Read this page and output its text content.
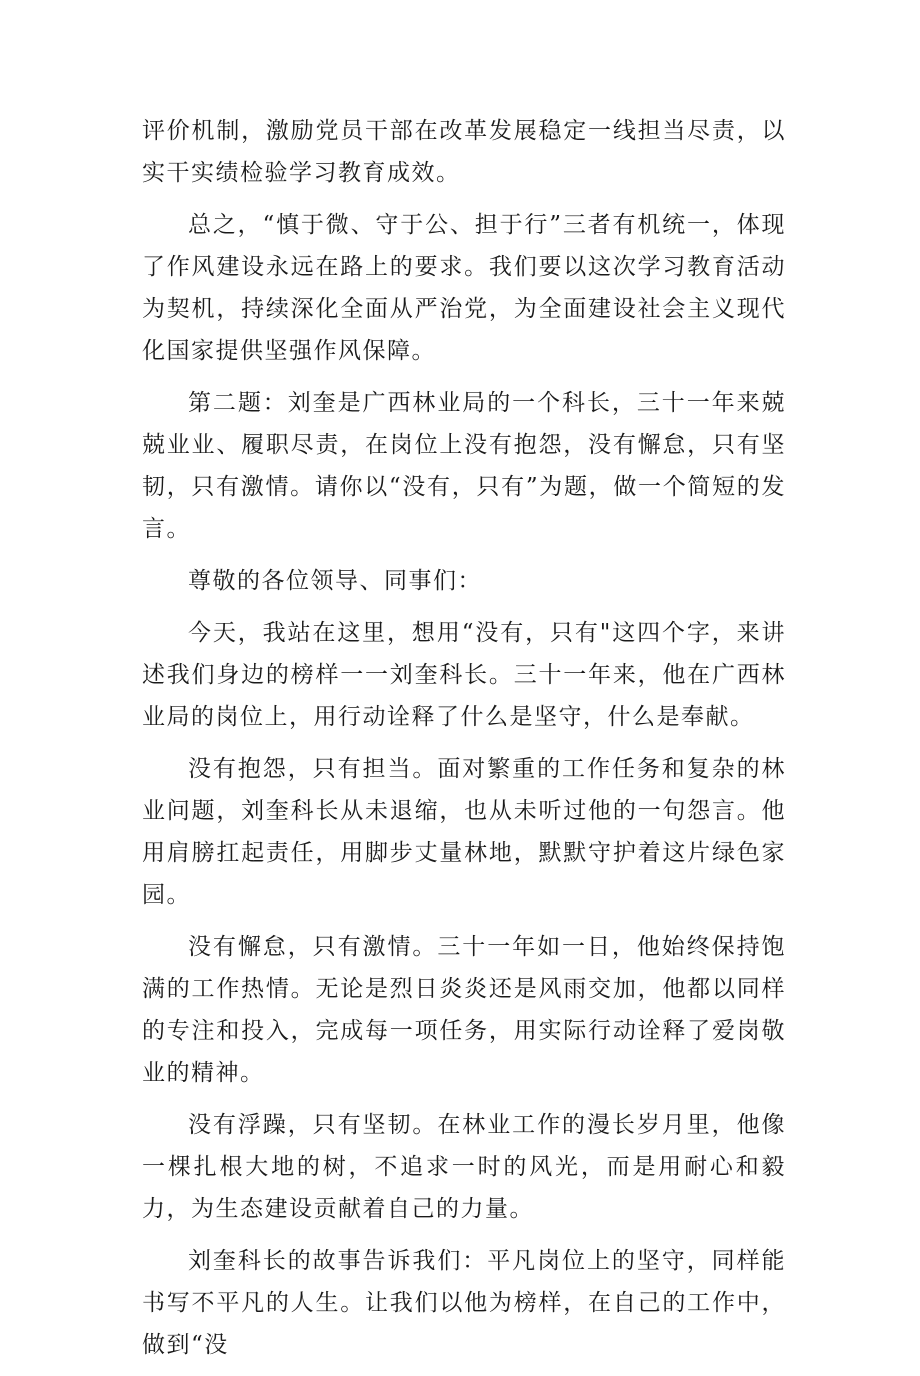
评价机制，激励党员干部在改革发展稳定一线担当尽责，以实干实绩检验学习教育成效。

总之，“慎于微、守于公、担于行”三者有机统一，体现了作风建设永远在路上的要求。我们要以这次学习教育活动为契机，持续深化全面从严治党，为全面建设社会主义现代化国家提供坚强作风保障。

第二题：刘奎是广西林业局的一个科长，三十一年来兢兢业业、履职尽责，在岗位上没有抱怨，没有懈怠，只有坚韧，只有激情。请你以“没有，只有”为题，做一个简短的发言。

尊敬的各位领导、同事们：

今天，我站在这里，想用“没有，只有"这四个字，来讲述我们身边的榜样一一刘奎科长。三十一年来，他在广西林业局的岗位上，用行动诠释了什么是坚守，什么是奉献。

没有抱怨，只有担当。面对繁重的工作任务和复杂的林业问题，刘奎科长从未退缩，也从未听过他的一句怨言。他用肩膀扛起责任，用脚步丈量林地，默默守护着这片绿色家园。

没有懈怠，只有激情。三十一年如一日，他始终保持饱满的工作热情。无论是烈日炎炎还是风雨交加，他都以同样的专注和投入，完成每一项任务，用实际行动诠释了爱岗敬业的精神。

没有浮躁，只有坚韧。在林业工作的漫长岁月里，他像一棵扎根大地的树，不追求一时的风光，而是用耐心和毅力，为生态建设贡献着自己的力量。

刘奎科长的故事告诉我们：平凡岗位上的坚守，同样能书写不平凡的人生。让我们以他为榜样，在自己的工作中，做到“没
